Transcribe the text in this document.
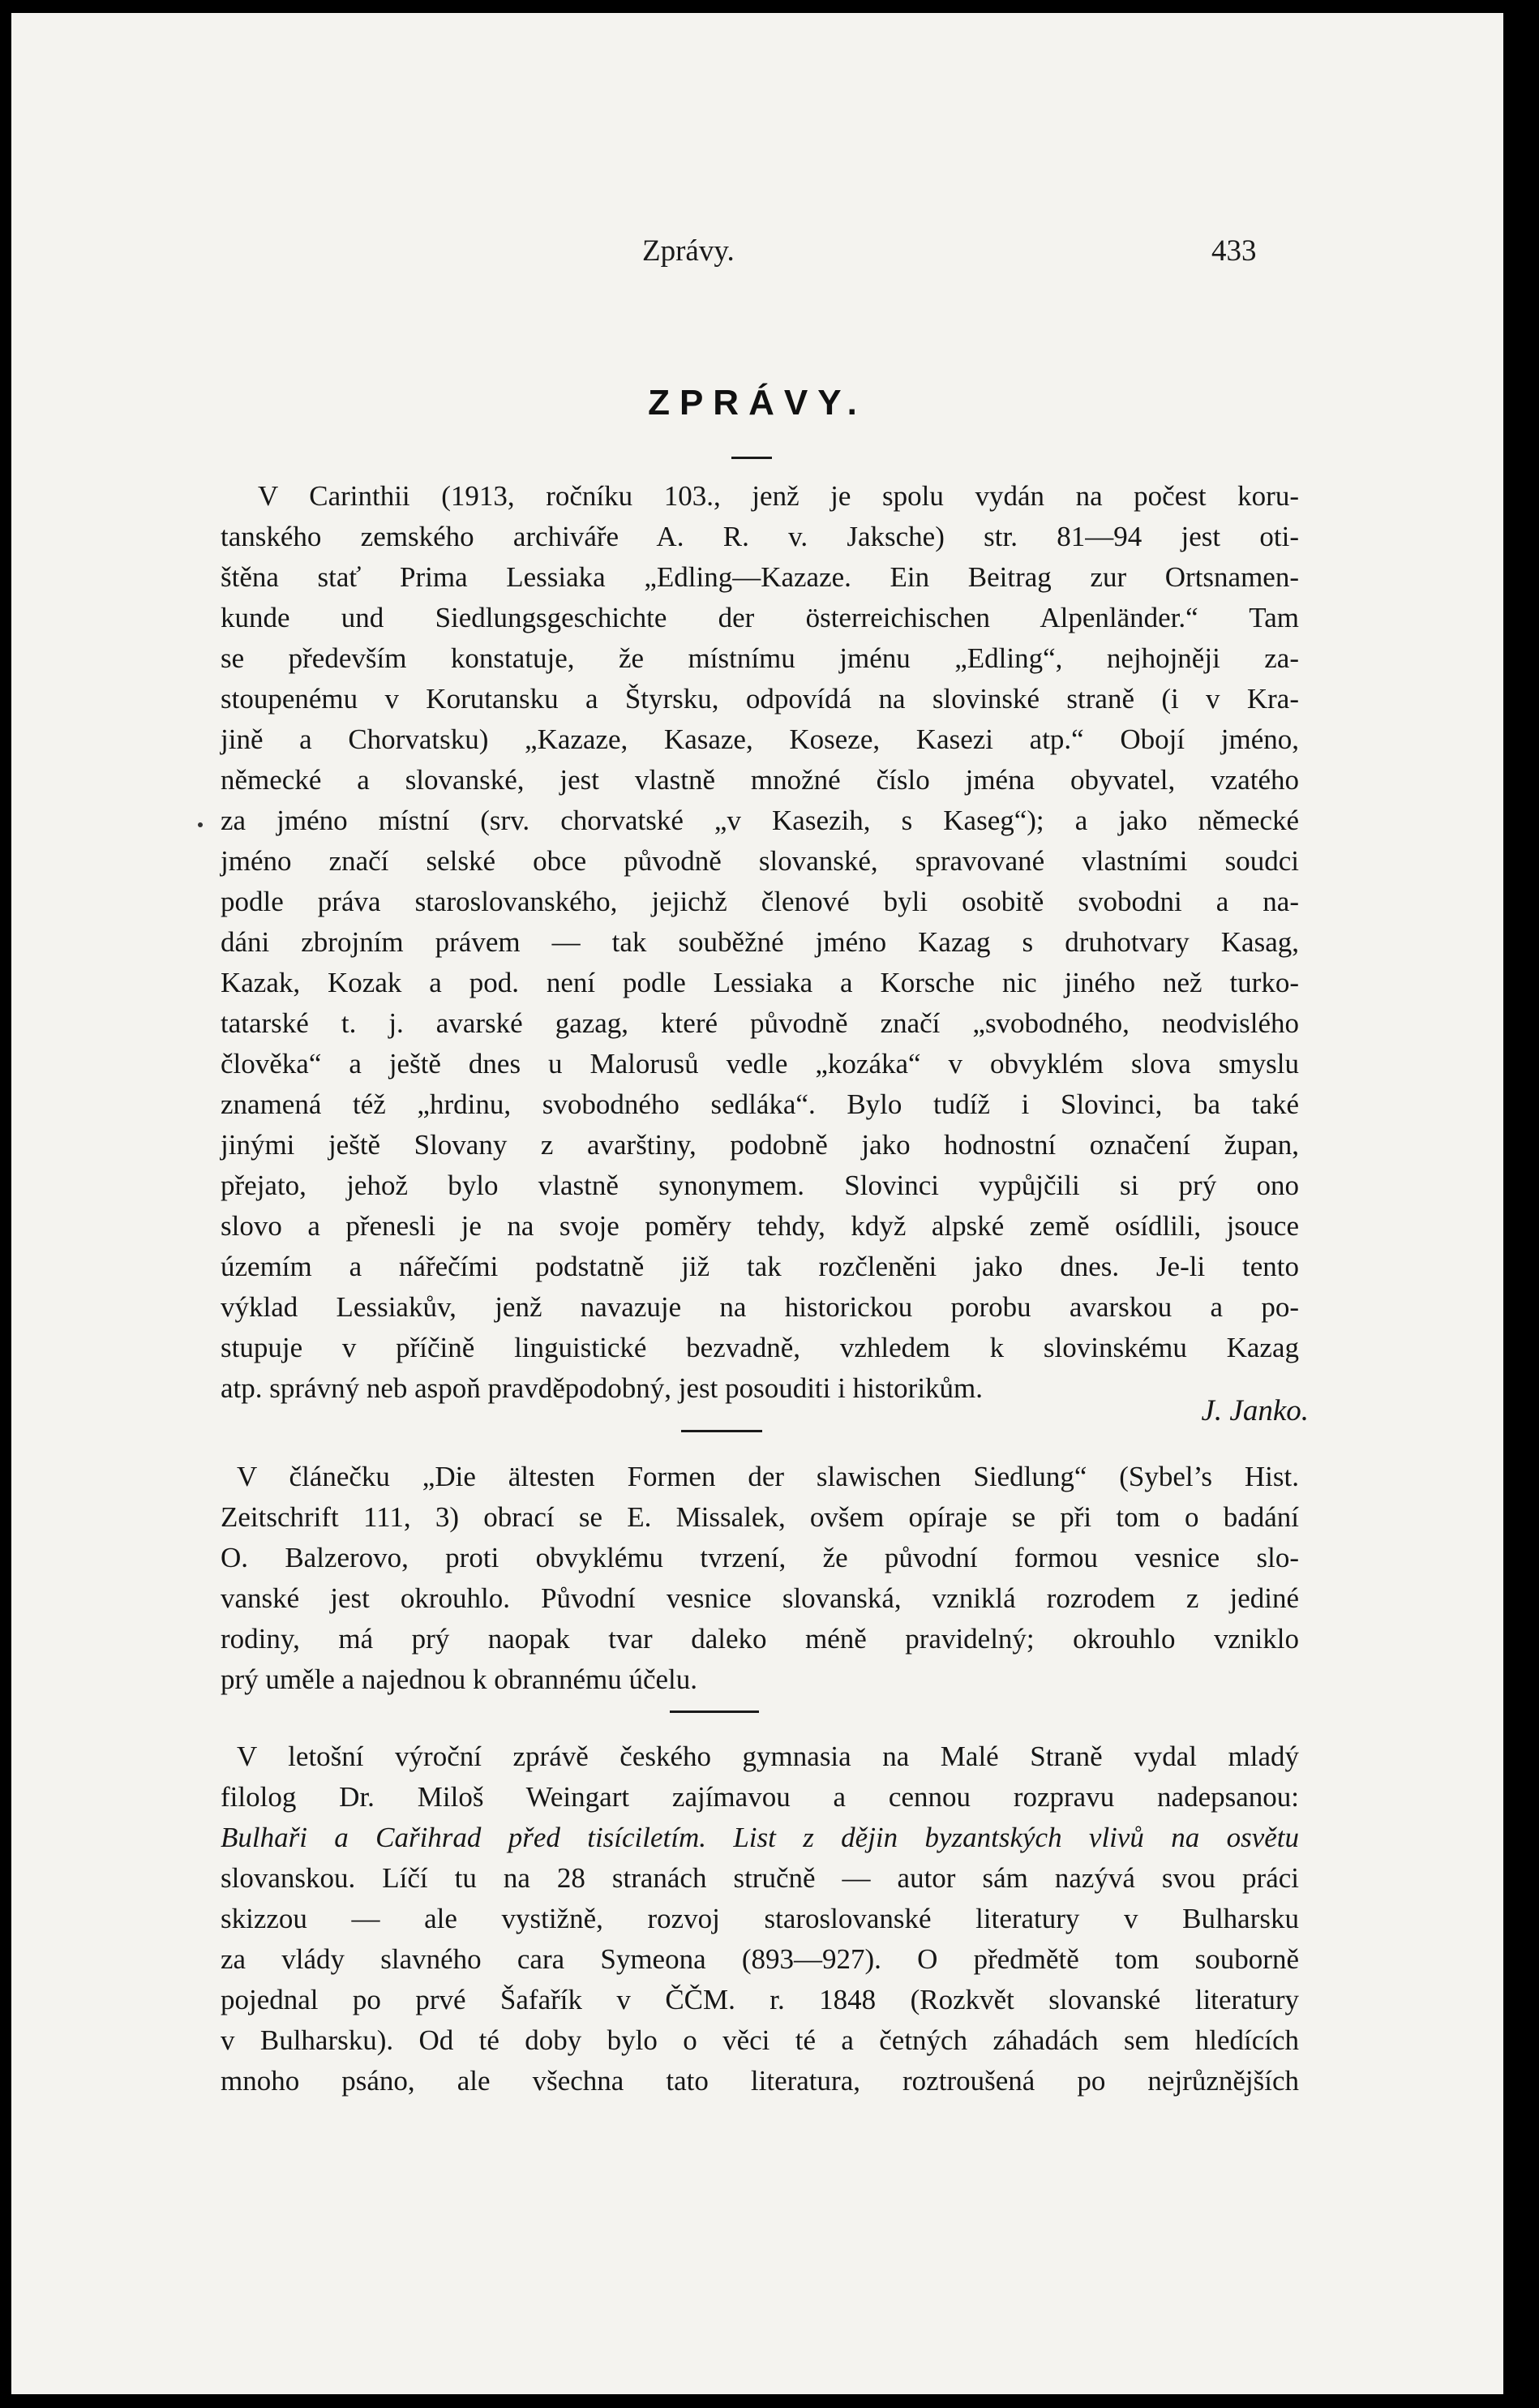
Zprávy.	433
ZPRÁVY.
V Carinthii (1913, ročníku 103., jenž je spolu vydán na počest koru-
tanského zemského archiváře A. R. v. Jaksche) str. 81—94 jest oti-
štěna stať Prima Lessiaka „Edling—Kazaze. Ein Beitrag zur Ortsnamen-
kunde und Siedlungsgeschichte der österreichischen Alpenländer.“ Tam
se především konstatuje, že místnímu jménu „Edling“, nejhojněji za-
stoupenému v Korutansku a Štyrsku, odpovídá na slovinské straně (i v Kra-
jině a Chorvatsku) „Kazaze, Kasaze, Koseze, Kasezi atp.“ Obojí jméno,
německé a slovanské, jest vlastně množné číslo jména obyvatel, vzatého
za jméno místní (srv. chorvatské „v Kasezih, s Kaseg“); a jako německé
jméno značí selské obce původně slovanské, spravované vlastními soudci
podle práva staroslovanského, jejichž členové byli osobitě svobodni a na-
dáni zbrojním právem — tak souběžné jméno Kazag s druhotvary Kasag,
Kazak, Kozak a pod. není podle Lessiaka a Korsche nic jiného než turko-
tatarské t. j. avarské gazag, které původně značí „svobodného, neodvislého
člověka“ a ještě dnes u Malorusů vedle „kozáka“ v obvyklém slova smyslu
znamená též „hrdinu, svobodného sedláka“. Bylo tudíž i Slovinci, ba také
jinými ještě Slovany z avarštiny, podobně jako hodnostní označení župan,
přejato, jehož bylo vlastně synonymem. Slovinci vypůjčili si prý ono
slovo a přenesli je na svoje poměry tehdy, když alpské země osídlili, jsouce
územím a nářečími podstatně již tak rozčleněni jako dnes. Je-li tento
výklad Lessiakův, jenž navazuje na historickou porobu avarskou a po-
stupuje v příčině linguistické bezvadně, vzhledem k slovinskému Kazag
atp. správný neb aspoň pravděpodobný, jest posouditi i historikům.
J. Janko.
V článečku „Die ältesten Formen der slawischen Siedlung“ (Sybel’s Hist.
Zeitschrift 111, 3) obrací se E. Missalek, ovšem opíraje se při tom o badání
O. Balzerovo, proti obvyklému tvrzení, že původní formou vesnice slo-
vanské jest okrouhlo. Původní vesnice slovanská, vzniklá rozrodem z jediné
rodiny, má prý naopak tvar daleko méně pravidelný; okrouhlo vzniklo
prý uměle a najednou k obrannému účelu.
V letošní výroční zprávě českého gymnasia na Malé Straně vydal mladý
filolog Dr. Miloš Weingart zajímavou a cennou rozpravu nadepsanou:
Bulhaři a Cařihrad před tisíciletím. List z dějin byzantských vlivů na osvětu
slovanskou. Líčí tu na 28 stranách stručně — autor sám nazývá svou práci
skizzou — ale vystižně, rozvoj staroslovanské literatury v Bulharsku
za vlády slavného cara Symeona (893—927). O předmětě tom souborně
pojednal po prvé Šafařík v ČČM. r. 1848 (Rozkvět slovanské literatury
v Bulharsku). Od té doby bylo o věci té a četných záhadách sem hledících
mnoho psáno, ale všechna tato literatura, roztroušená po nejrůznějších
